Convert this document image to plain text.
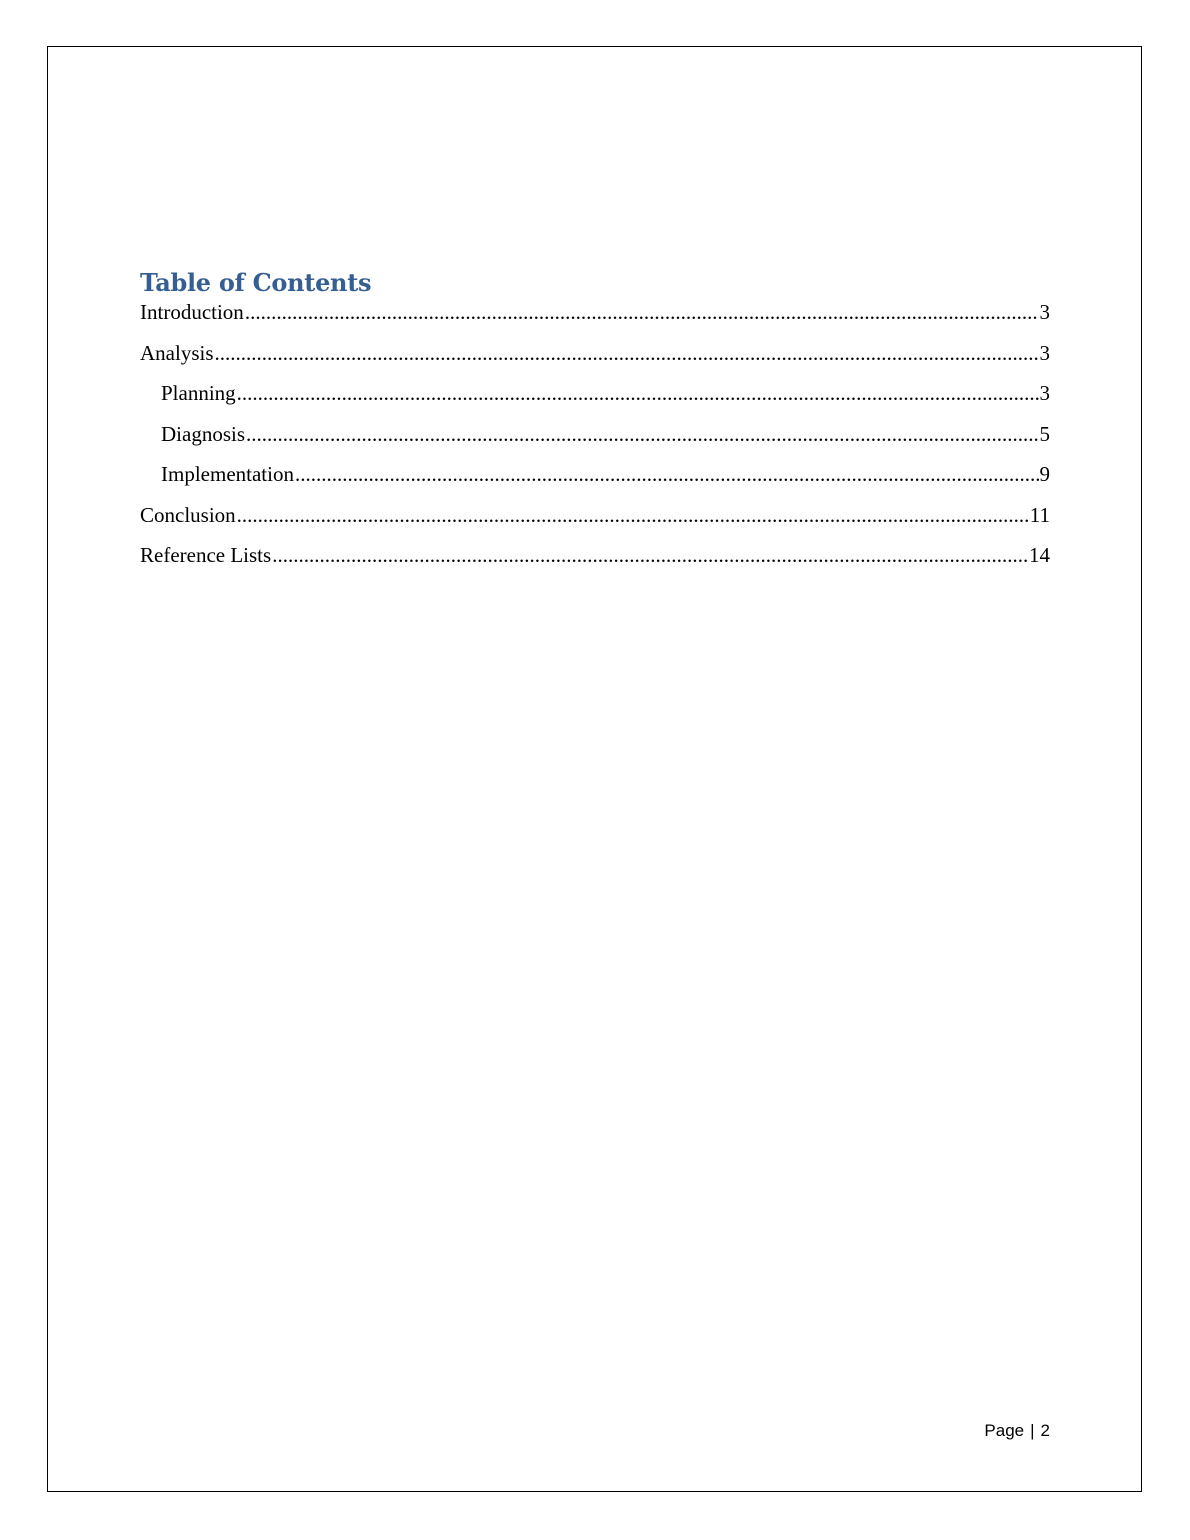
Table of Contents
Introduction .....	3
Analysis .....	3
Planning .....	3
Diagnosis .....	5
Implementation .....	9
Conclusion .....	11
Reference Lists .....	14
Page | 2
